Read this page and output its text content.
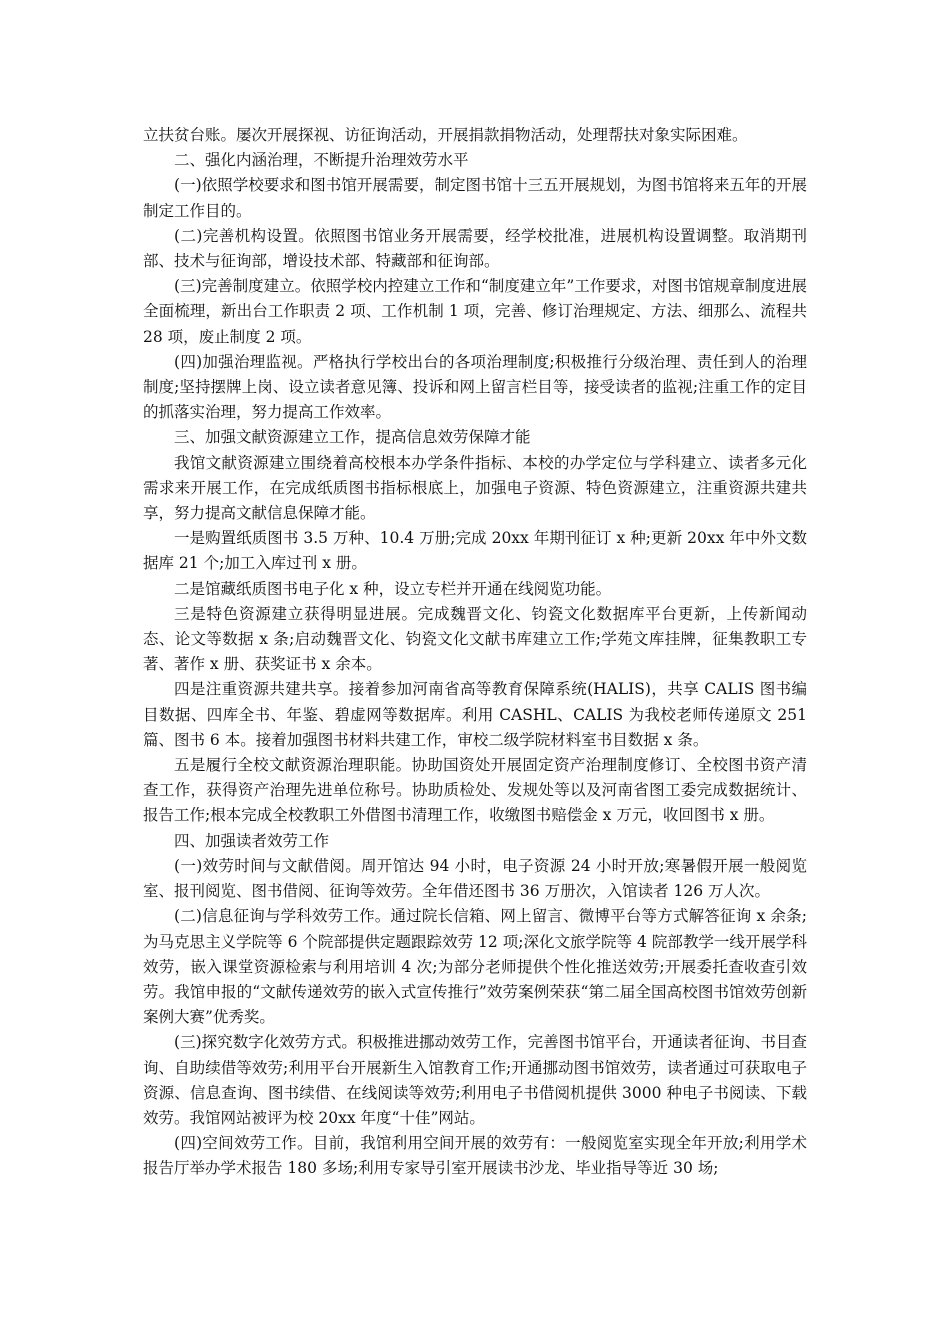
立扶贫台账。屡次开展探视、访征询活动，开展捐款捐物活动，处理帮扶对象实际困难。

二、强化内涵治理，不断提升治理效劳水平

(一)依照学校要求和图书馆开展需要，制定图书馆十三五开展规划，为图书馆将来五年的开展制定工作目的。

(二)完善机构设置。依照图书馆业务开展需要，经学校批准，进展机构设置调整。取消期刊部、技术与征询部，增设技术部、特藏部和征询部。

(三)完善制度建立。依照学校内控建立工作和“制度建立年”工作要求，对图书馆规章制度进展全面梳理，新出台工作职责 2 项、工作机制 1 项，完善、修订治理规定、方法、细那么、流程共 28 项，废止制度 2 项。

(四)加强治理监视。严格执行学校出台的各项治理制度;积极推行分级治理、责任到人的治理制度;坚持摆牌上岗、设立读者意见簿、投诉和网上留言栏目等，接受读者的监视;注重工作的定目的抓落实治理，努力提高工作效率。

三、加强文献资源建立工作，提高信息效劳保障才能

我馆文献资源建立围绕着高校根本办学条件指标、本校的办学定位与学科建立、读者多元化需求来开展工作，在完成纸质图书指标根底上，加强电子资源、特色资源建立，注重资源共建共享，努力提高文献信息保障才能。

一是购置纸质图书 3.5 万种、10.4 万册;完成 20xx 年期刊征订 x 种;更新 20xx 年中外文数据库 21 个;加工入库过刊 x 册。

二是馆藏纸质图书电子化 x 种，设立专栏并开通在线阅览功能。

三是特色资源建立获得明显进展。完成魏晋文化、钧瓷文化数据库平台更新，上传新闻动态、论文等数据 x 条;启动魏晋文化、钧瓷文化文献书库建立工作;学苑文库挂牌，征集教职工专著、著作 x 册、获奖证书 x 余本。

四是注重资源共建共享。接着参加河南省高等教育保障系统(HALIS)，共享 CALIS 图书编目数据、四库全书、年鉴、碧虚网等数据库。利用 CASHL、CALIS 为我校老师传递原文 251 篇、图书 6 本。接着加强图书材料共建工作，审校二级学院材料室书目数据 x 条。

五是履行全校文献资源治理职能。协助国资处开展固定资产治理制度修订、全校图书资产清查工作，获得资产治理先进单位称号。协助质检处、发规处等以及河南省图工委完成数据统计、报告工作;根本完成全校教职工外借图书清理工作，收缴图书赔偿金 x 万元，收回图书 x 册。

四、加强读者效劳工作

(一)效劳时间与文献借阅。周开馆达 94 小时，电子资源 24 小时开放;寒暑假开展一般阅览室、报刊阅览、图书借阅、征询等效劳。全年借还图书 36 万册次，入馆读者 126 万人次。

(二)信息征询与学科效劳工作。通过院长信箱、网上留言、微博平台等方式解答征询 x 余条;为马克思主义学院等 6 个院部提供定题跟踪效劳 12 项;深化文旅学院等 4 院部教学一线开展学科效劳，嵌入课堂资源检索与利用培训 4 次;为部分老师提供个性化推送效劳;开展委托查收查引效劳。我馆申报的“文献传递效劳的嵌入式宣传推行”效劳案例荣获“第二届全国高校图书馆效劳创新案例大赛”优秀奖。

(三)探究数字化效劳方式。积极推进挪动效劳工作，完善图书馆平台，开通读者征询、书目查询、自助续借等效劳;利用平台开展新生入馆教育工作;开通挪动图书馆效劳，读者通过可获取电子资源、信息查询、图书续借、在线阅读等效劳;利用电子书借阅机提供 3000 种电子书阅读、下载效劳。我馆网站被评为校 20xx 年度“十佳”网站。

(四)空间效劳工作。目前，我馆利用空间开展的效劳有：一般阅览室实现全年开放;利用学术报告厅举办学术报告 180 多场;利用专家导引室开展读书沙龙、毕业指导等近 30 场;
